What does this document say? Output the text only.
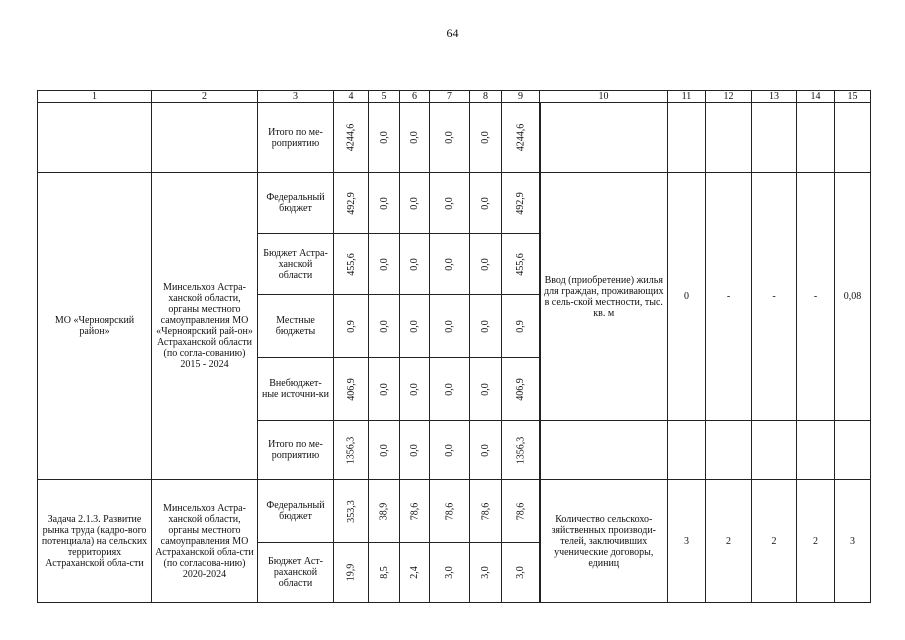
64
1	2	3	4	5	6	7	8	9	10	11	12	13	14	15
		Итого по ме-роприятию	4244,6	0,0	0,0	0,0	0,0	4244,6						
МО «Черноярский район»	Минсельхоз Астра-ханской области, органы местного самоуправления МО «Черноярский рай-он» Астраханской области (по согла-сованию) 2015 - 2024	Федеральный бюджет	492,9	0,0	0,0	0,0	0,0	492,9	Ввод (приобретение) жилья для граждан, проживающих в сель-ской местности, тыс. кв. м	0	-	-	-	0,08
		Бюджет Астра-ханской области	455,6	0,0	0,0	0,0	0,0	455,6						
		Местные бюджеты	0,9	0,0	0,0	0,0	0,0	0,9						
		Внебюджет-ные источни-ки	406,9	0,0	0,0	0,0	0,0	406,9						
		Итого по ме-роприятию	1356,3	0,0	0,0	0,0	0,0	1356,3						
Задача 2.1.3. Развитие рынка труда (кадро-вого потенциала) на сельских территориях Астраханской обла-сти	Минсельхоз Астра-ханской области, органы местного самоуправления МО Астраханской обла-сти (по согласова-нию) 2020-2024	Федеральный бюджет	353,3	38,9	78,6	78,6	78,6	78,6	Количество сельскохо-зяйственных производи-телей, заключивших ученические договоры, единиц	3	2	2	2	3
		Бюджет Аст-раханской области	19,9	8,5	2,4	3,0	3,0	3,0						
